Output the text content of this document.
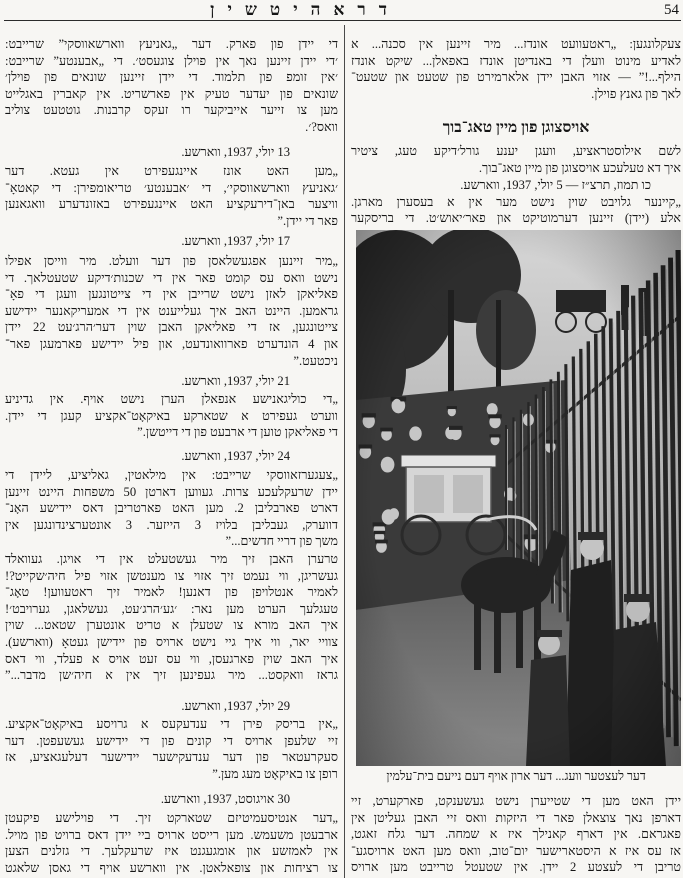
דראהיטשין	54
צעקלונגען: „ראטעוועט אונדז... מיר זיינען אין סכנה... א
לאדיע מינוט וועלן די באנדיטן אונדז באפאלן... שיקט אונדז
הילף...!” — אזוי האבן יידן אלארמירט פון שטעט און שטעט־
לאך פון גאנץ פוילן.
אויסצוגן פון מיין טאג־בוך
לשם אילוסטראציע, וועגן יענע גורל׳דיקע טעג, ציטיר
איך דא טעלעכע אויסצוגן פון מיין טאג־בוך.
כו תמוז, תרצ״ז — 5 יולי, 1937, ווארשע.
„קיינער גלויבט שוין נישט מער אין א בעסערן מארגן.
אלע (יידן) זיינען דערמוטיקט און פאר׳יאוש׳ט. די בריסקער
דער לעצטער וועג... דער ארון אויף דעם נייעם בית־עלמין
יידן האט מען די שטייערן נישט געשענקט, פארקערט, זיי
דארפן נאך צוצאלן פאר די היזקות וואס זיי האבן געליטן אין
פאגראם. אין דארף קאנילך איז א שמחה. דער גלח זאגט,
אז עס איז א היסטארישער יום־טוב, וואס מען האט ארויסגע־
טריבן די לעצטע 2 יידן. אין שטעטל טרייבט מען ארויס
די יידן פון פארק. דער „גאניעץ ווארשאווסקי” שרייבט:
׳די יידן זיינען נאך אין פוילן צוגעסט׳. די „אבענטע” שרייבט:
׳אין זומפ פון תלמוד. די יידן זיינען שונאים פון פוילן׳
שונאים פון יעדער טעיק אין פארשריט. אין קאברין באגלייט
מען צו זייער אייביקער רו זעקס קרבנות. גוטטעט צוליב
וואס?׳.
13 יולי, 1937, ווארשע.
„מען האט אונז איינגעפירט אין געטא. דער
׳גאניעץ ווארשאווסקי׳, די ׳אבענטע׳ טריאומפירן: די קאטאָ־
וויצער באן־דירעקציע האט איינגעפירט באזונדערע וואגאנען
פאר די יידן.”
17 יולי, 1937, ווארשע.
„מיר זיינען אפגעשלאסן פון דער וועלט. מיר ווייסן אפילו
נישט וואס עס קומט פאר אין די שכנות׳דיקע שטעטלאך. די
פאליאקן לאזן נישט שרייבן אין די צייטונגען וועגן די פאָ־
גראמען. היינט האב איך געלייענט אין די אמעריקאנער יידישע
צייטונגען, אז די פאליאקן האבן שוין דער׳הרג׳עט 22 יידן
און 4 הונדערט פארוואונדעט, און פיל יידישע פארמעגן פאר־
ניכטעט.”
21 יולי, 1937, ווארשע.
„די כוליגאנישע אנפאלן הערן נישט אויף. אין גדיניע
ווערט געפירט א שטארקע באיקאָט־אקציע קעגן די יידן.
די פאליאקן טוען די ארבעט פון די דייטשן.”
24 יולי, 1937, ווארשע.
„צעגערזאווסקי שרייבט: אין מילאטין, גאליציע, ליידן די
יידן שרעקלעכע צרות. געווען דארטן 50 משפחות היינט זיינען
דארט פארבליבן 2. מען האט פארטריבן דאס יידישע האָנ־
דווערק, געבליבן בלויז 3 הייזער. 3 אונטערצינדונגען אין
משך פון דריי חדשים...”
טרערן האבן זיך מיר געשטעלט אין די אויגן. געוואלד
געשריגן, ווי נעמט זיך אזוי צו מענטשן אזוי פיל חיה׳שקייט?!
לאמיר אנטלויפן פון דאנען! לאמיר זיך ראטעווען! טאָג־
טעגלעך הערט מען נאר: ׳גע׳הרג׳עט, געשלאגן, גערויבט׳!
איך האב מורא צו שטעלן א טריט אונטערן שטאט... שוין
צוויי יאר, ווי איך גיי נישט ארויס פון יידישן געטאָ (ווארשע).
איך האב שוין פארגעסן, ווי עס זעט אויס א פעלד, ווי דאס
גראז וואקסט... מיר געפינען זיך אין א חיה׳שן מדבר...”
29 יולי, 1937, ווארשע.
„אין בריסק פירן די ענדעקעס א גרויסע באיקאָט־אקציע.
זיי שלעפן ארויס די קונים פון די יידישע געשעפטן. דער
סעקרעטאר פון דער ענדעקישער יידישער דעלעגאציע, אז
רופן צו באיקאָט מעג מען.”
30 אויגוסט, 1937, ווארשע.
„דער אנטיסעמיטיזם שטארקט זיך. די פוילישע פיקעטן
ארבעטן משעמש. מען רייסט ארויס ביי יידן דאס ברויט פון מויל.
אין לאמזשע און אומגעגנט איז שרעקלעך. די גזלנים הצען
צו רציחות און צופאלאטן. אין ווארשע אויף די גאסן שלאגט
